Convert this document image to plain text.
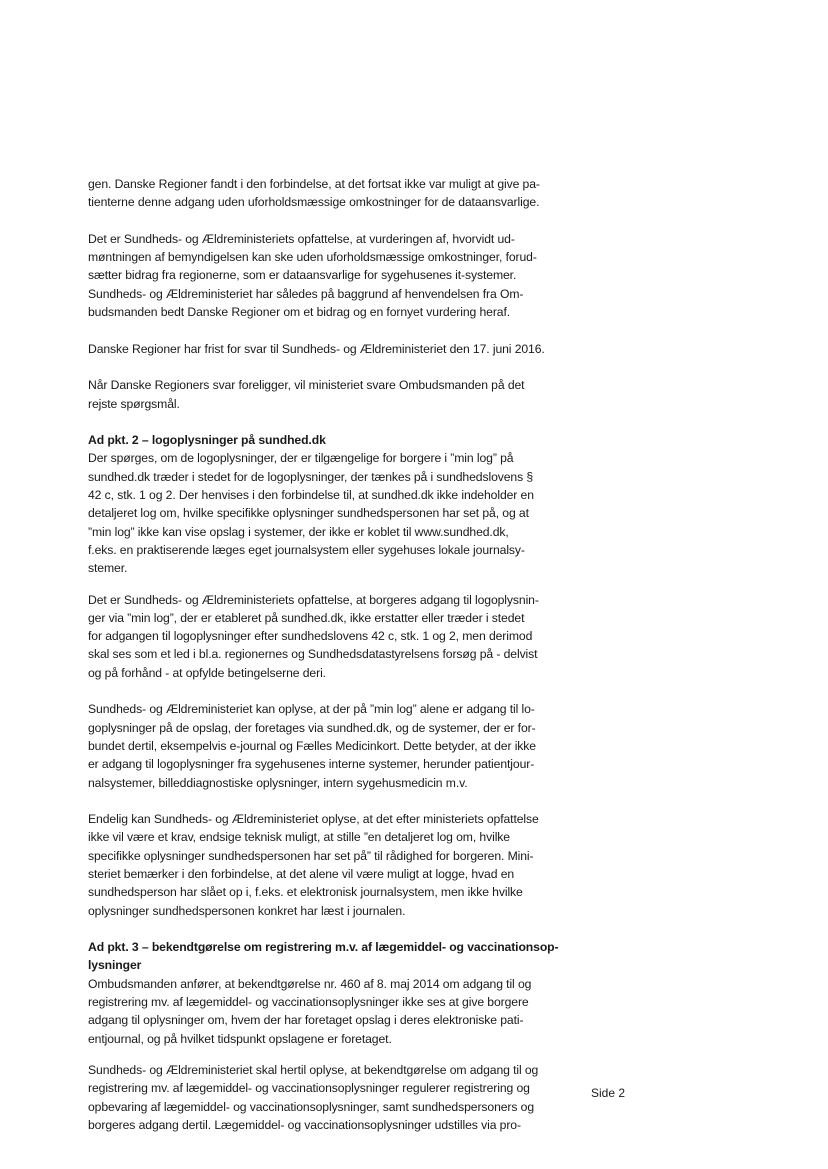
gen. Danske Regioner fandt i den forbindelse, at det fortsat ikke var muligt at give pa-
tienterne denne adgang uden uforholdsmæssige omkostninger for de dataansvarlige.
Det er Sundheds- og Ældreministeriets opfattelse, at vurderingen af, hvorvidt ud-
møntningen af bemyndigelsen kan ske uden uforholdsmæssige omkostninger, forud-
sætter bidrag fra regionerne, som er dataansvarlige for sygehusenes it-systemer.
Sundheds- og Ældreministeriet har således på baggrund af henvendelsen fra Om-
budsmanden bedt Danske Regioner om et bidrag og en fornyet vurdering heraf.
Danske Regioner har frist for svar til Sundheds- og Ældreministeriet den 17. juni 2016.
Når Danske Regioners svar foreligger, vil ministeriet svare Ombudsmanden på det
rejste spørgsmål.
Ad pkt. 2 – logoplysninger på sundhed.dk
Der spørges, om de logoplysninger, der er tilgængelige for borgere i ”min log” på
sundhed.dk træder i stedet for de logoplysninger, der tænkes på i sundhedslovens §
42 c, stk. 1 og 2. Der henvises i den forbindelse til, at sundhed.dk ikke indeholder en
detaljeret log om, hvilke specifikke oplysninger sundhedspersonen har set på, og at
”min log” ikke kan vise opslag i systemer, der ikke er koblet til www.sundhed.dk,
f.eks. en praktiserende læges eget journalsystem eller sygehuses lokale journalsy-
stemer.
Det er Sundheds- og Ældreministeriets opfattelse, at borgeres adgang til logoplysnin-
ger via ”min log”, der er etableret på sundhed.dk, ikke erstatter eller træder i stedet
for adgangen til logoplysninger efter sundhedslovens 42 c, stk. 1 og 2, men derimod
skal ses som et led i bl.a. regionernes og Sundhedsdatastyrelsens forsøg på - delvist
og på forhånd - at opfylde betingelserne deri.
Sundheds- og Ældreministeriet kan oplyse, at der på ”min log” alene er adgang til lo-
goplysninger på de opslag, der foretages via sundhed.dk, og de systemer, der er for-
bundet dertil, eksempelvis e-journal og Fælles Medicinkort. Dette betyder, at der ikke
er adgang til logoplysninger fra sygehusenes interne systemer, herunder patientjour-
nalsystemer, billeddiagnostiske oplysninger, intern sygehusmedicin m.v.
Endelig kan Sundheds- og Ældreministeriet oplyse, at det efter ministeriets opfattelse
ikke vil være et krav, endsige teknisk muligt, at stille ”en detaljeret log om, hvilke
specifikke oplysninger sundhedspersonen har set på” til rådighed for borgeren. Mini-
steriet bemærker i den forbindelse, at det alene vil være muligt at logge, hvad en
sundhedsperson har slået op i, f.eks. et elektronisk journalsystem, men ikke hvilke
oplysninger sundhedspersonen konkret har læst i journalen.
Ad pkt. 3 – bekendtgørelse om registrering m.v. af lægemiddel- og vaccinationsop-
lysninger
Ombudsmanden anfører, at bekendtgørelse nr. 460 af 8. maj 2014 om adgang til og
registrering mv. af lægemiddel- og vaccinationsoplysninger ikke ses at give borgere
adgang til oplysninger om, hvem der har foretaget opslag i deres elektroniske pati-
entjournal, og på hvilket tidspunkt opslagene er foretaget.
Sundheds- og Ældreministeriet skal hertil oplyse, at bekendtgørelse om adgang til og
registrering mv. af lægemiddel- og vaccinationsoplysninger regulerer registrering og
opbevaring af lægemiddel- og vaccinationsoplysninger, samt sundhedspersoners og
borgeres adgang dertil. Lægemiddel- og vaccinationsoplysninger udstilles via pro-
Side 2
